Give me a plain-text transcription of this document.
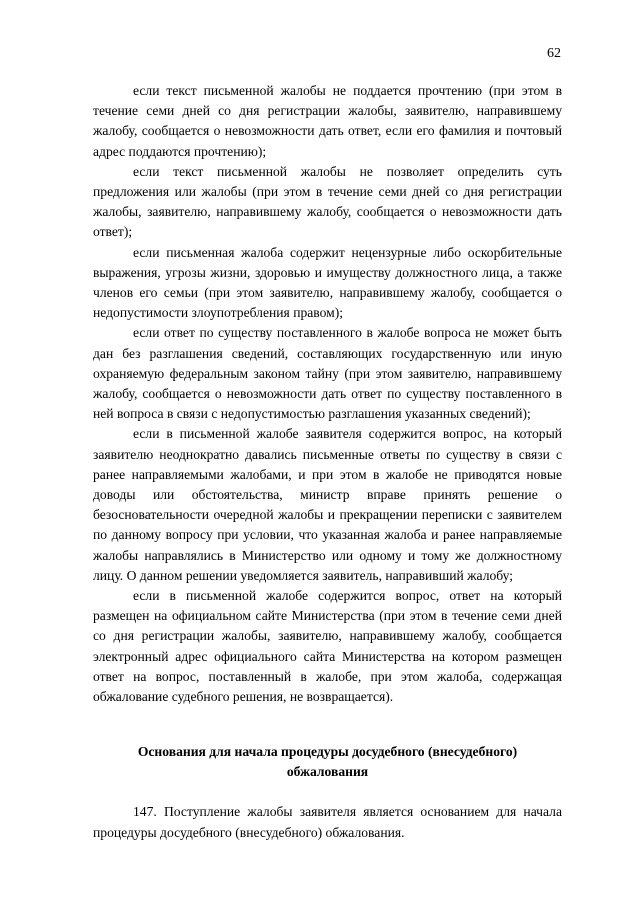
62

если текст письменной жалобы не поддается прочтению (при этом в течение семи дней со дня регистрации жалобы, заявителю, направившему жалобу, сообщается о невозможности дать ответ, если его фамилия и почтовый адрес поддаются прочтению);

если текст письменной жалобы не позволяет определить суть предложения или жалобы (при этом в течение семи дней со дня регистрации жалобы, заявителю, направившему жалобу, сообщается о невозможности дать ответ);

если письменная жалоба содержит нецензурные либо оскорбительные выражения, угрозы жизни, здоровью и имуществу должностного лица, а также членов его семьи (при этом заявителю, направившему жалобу, сообщается о недопустимости злоупотребления правом);

если ответ по существу поставленного в жалобе вопроса не может быть дан без разглашения сведений, составляющих государственную или иную охраняемую федеральным законом тайну (при этом заявителю, направившему жалобу, сообщается о невозможности дать ответ по существу поставленного в ней вопроса в связи с недопустимостью разглашения указанных сведений);

если в письменной жалобе заявителя содержится вопрос, на который заявителю неоднократно давались письменные ответы по существу в связи с ранее направляемыми жалобами, и при этом в жалобе не приводятся новые доводы или обстоятельства, министр вправе принять решение о безосновательности очередной жалобы и прекращении переписки с заявителем по данному вопросу при условии, что указанная жалоба и ранее направляемые жалобы направлялись в Министерство или одному и тому же должностному лицу. О данном решении уведомляется заявитель, направивший жалобу;

если в письменной жалобе содержится вопрос, ответ на который размещен на официальном сайте Министерства (при этом в течение семи дней со дня регистрации жалобы, заявителю, направившему жалобу, сообщается электронный адрес официального сайта Министерства на котором размещен ответ на вопрос, поставленный в жалобе, при этом жалоба, содержащая обжалование судебного решения, не возвращается).

Основания для начала процедуры досудебного (внесудебного)
обжалования

147. Поступление жалобы заявителя является основанием для начала процедуры досудебного (внесудебного) обжалования.
